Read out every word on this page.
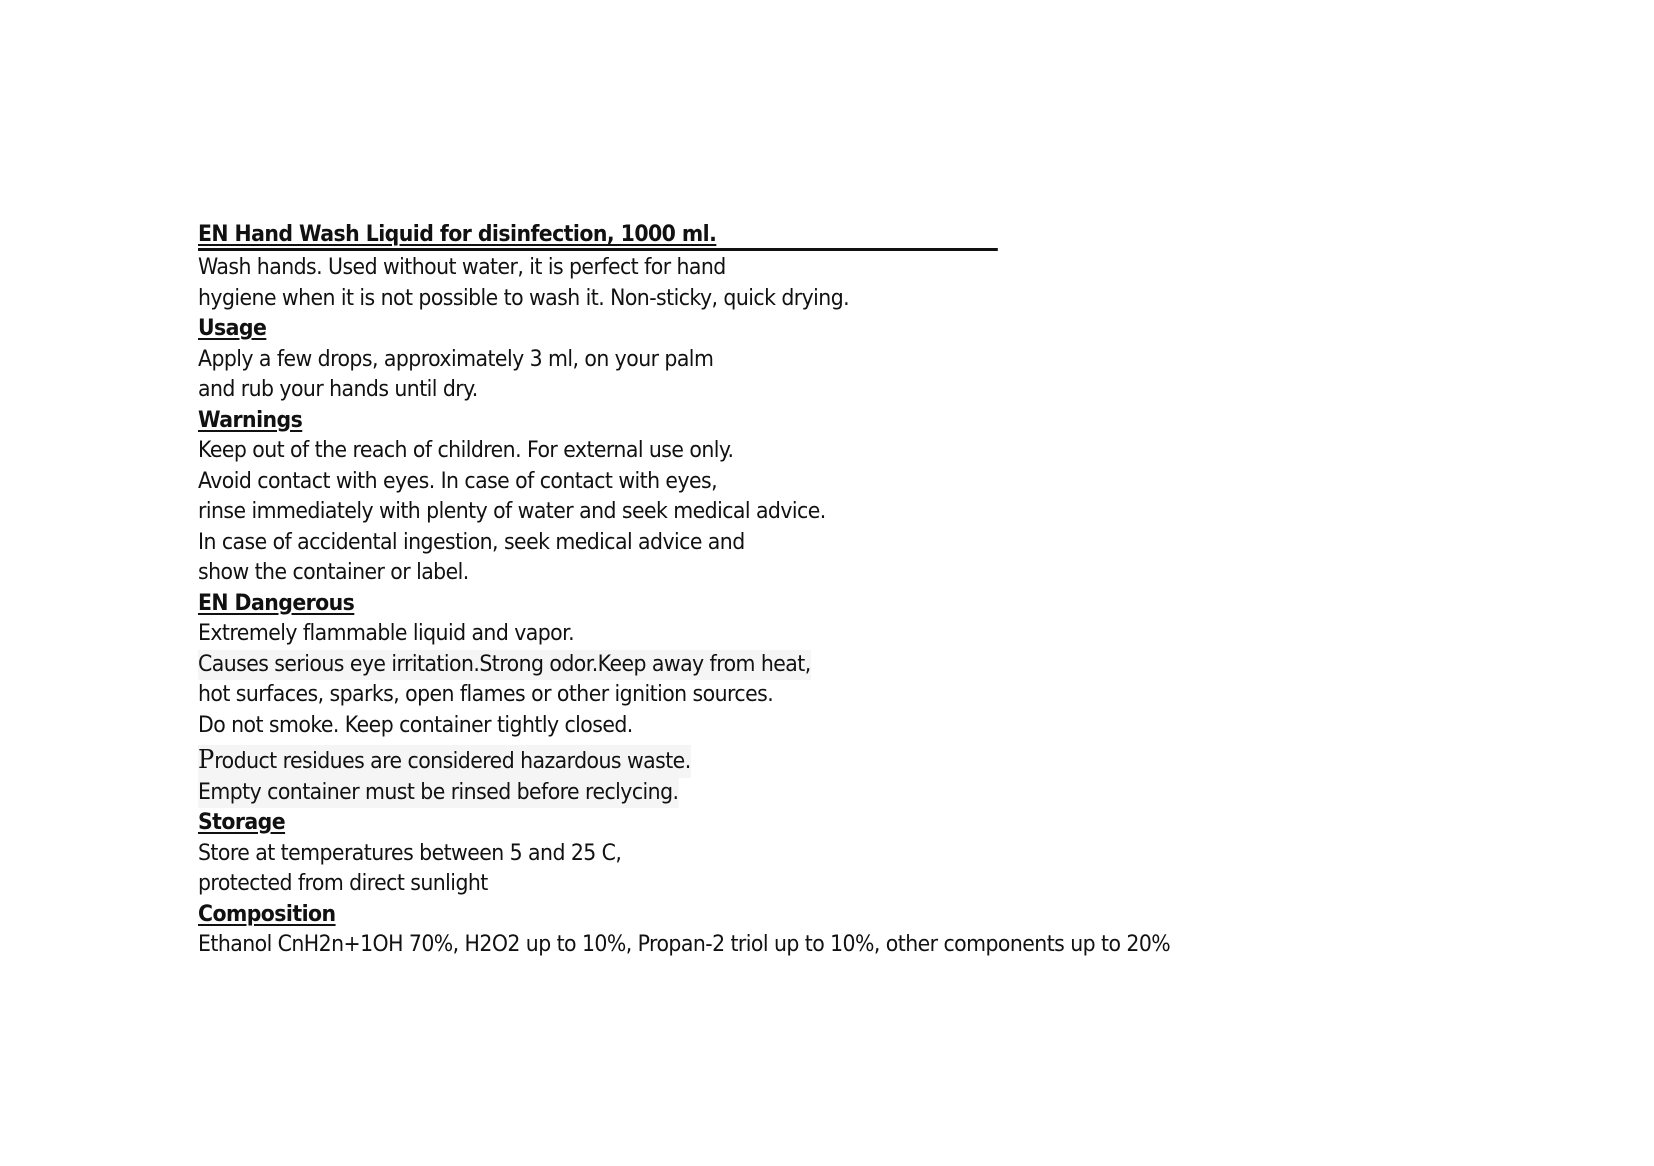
EN Hand Wash Liquid for disinfection, 1000 ml.
Wash hands. Used without water, it is perfect for hand
hygiene when it is not possible to wash it. Non-sticky, quick drying.
Usage
Apply a few drops, approximately 3 ml, on your palm
and rub your hands until dry.
Warnings
Keep out of the reach of children. For external use only.
Avoid contact with eyes. In case of contact with eyes,
rinse immediately with plenty of water and seek medical advice.
In case of accidental ingestion, seek medical advice and
show the container or label.
EN Dangerous
Extremely flammable liquid and vapor.
Causes serious eye irritation.Strong odor.Keep away from heat,
hot surfaces, sparks, open flames or other ignition sources.
Do not smoke. Keep container tightly closed.
Product residues are considered hazardous waste.
Empty container must be rinsed before reclycing.
Storage
Store at temperatures between 5 and 25 C,
protected from direct sunlight
Composition
Ethanol CnH2n+1OH 70%, H2O2 up to 10%, Propan-2 triol up to 10%, other components up to 20%
